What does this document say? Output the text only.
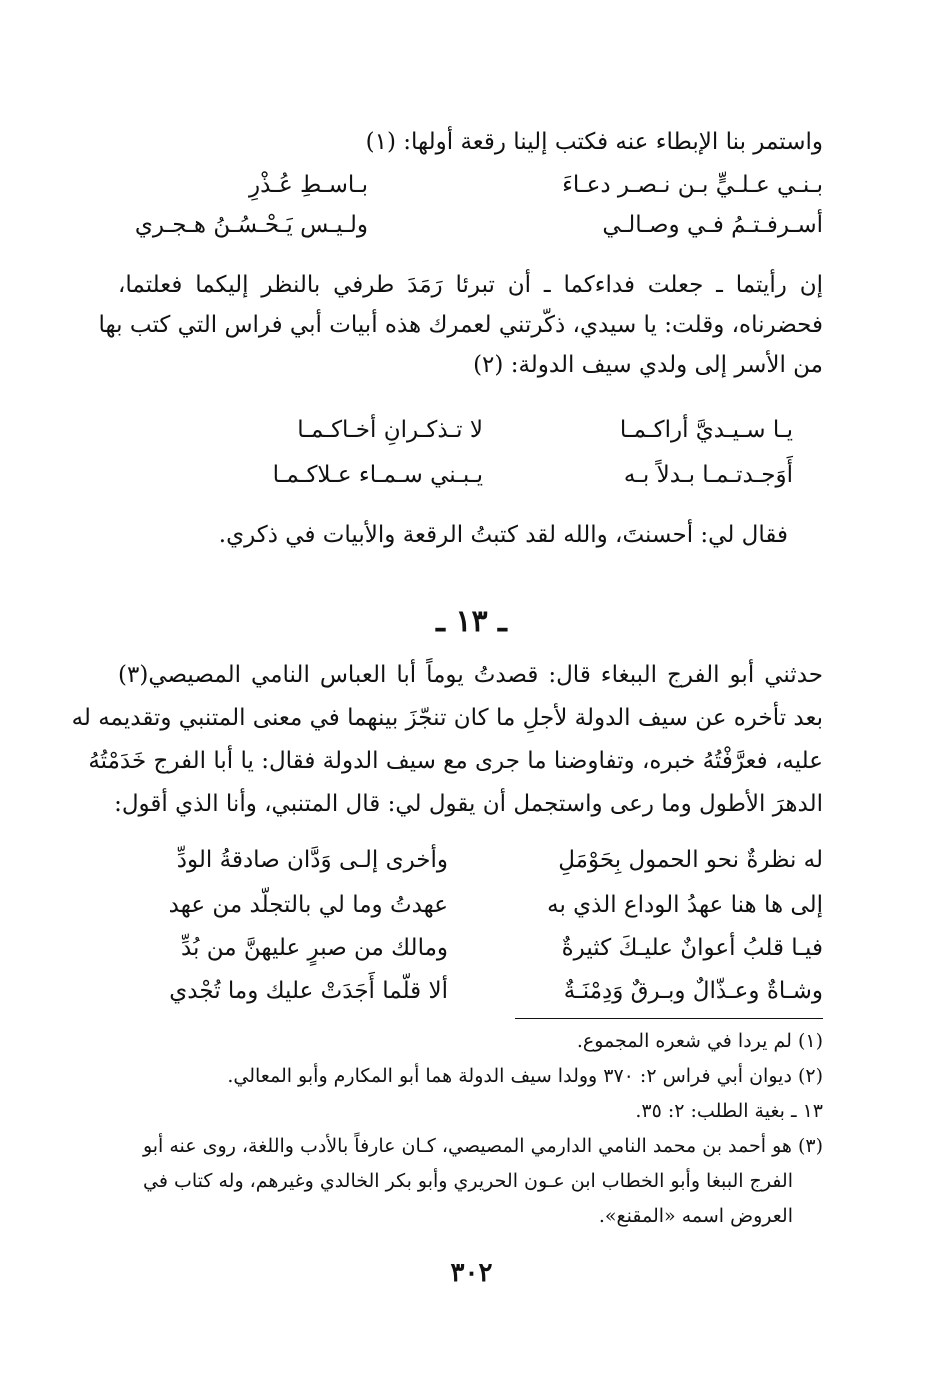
واستمر بنا الإبطاء عنه فكتب إلينا رقعة أولها: (١)
بـنـي عـلـيٍّ بـن نـصـر دعـاءَ
بـاسـطِ عُـذْرِ
أسـرفـتـمُ فـي وصـالـي
ولـيـس يَـحْـسُـنُ هـجـري
إن رأيتما ـ جعلت فداءكما ـ أن تبرئا رَمَدَ طرفي بالنظر إليكما فعلتما،
فحضرناه، وقلت: يا سيدي، ذكّرتني لعمرك هذه أبيات أبي فراس التي كتب بها
من الأسر إلى ولدي سيف الدولة: (٢)
يـا سـيـديَّ أراكـمـا
لا تـذكـرانِ أخـاكـمـا
أَوَجـدتـمـا بـدلاً بـه
يـبـني سـمـاء عـلاكـمـا
فقال لي: أحسنتَ، والله لقد كتبتُ الرقعة والأبيات في ذكري.
ـ ١٣ ـ
حدثني أبو الفرج الببغاء قال: قصدتُ يوماً أبا العباس النامي المصيصي(٣)
بعد تأخره عن سيف الدولة لأجلِ ما كان تنجّزَ بينهما في معنى المتنبي وتقديمه له
عليه، فعرَّفْتُهُ خبره، وتفاوضنا ما جرى مع سيف الدولة فقال: يا أبا الفرج خَدَمْتُهُ
الدهرَ الأطول وما رعى واستجمل أن يقول لي: قال المتنبي، وأنا الذي أقول:
له نظرةٌ نحو الحمول بِحَوْمَلِ
وأخرى إلـى وَدَّان صادقةُ الودِّ
إلى ها هنا عهدُ الوداع الذي به
عهدتُ وما لي بالتجلّد من عهد
فيـا قلبُ أعوانٌ عليـكَ كثيرةٌ
ومالك من صبرٍ عليهنَّ من بُدِّ
وشـاةٌ وعـذّالٌ وبـرقٌ وَدِمْنَـةٌ
ألا قلّما أَجَدَتْ عليك وما تُجْدي
(١) لم يردا في شعره المجموع.
(٢) ديوان أبي فراس ٢: ٣٧٠ وولدا سيف الدولة هما أبو المكارم وأبو المعالي.
١٣ ـ بغية الطلب: ٢: ٣٥.
(٣) هو أحمد بن محمد النامي الدارمي المصيصي، كـان عارفاً بالأدب واللغة، روى عنه أبو
الفرج الببغا وأبو الخطاب ابن عـون الحريري وأبو بكر الخالدي وغيرهم، وله كتاب في
العروض اسمه «المقنع».
٣٠٢
